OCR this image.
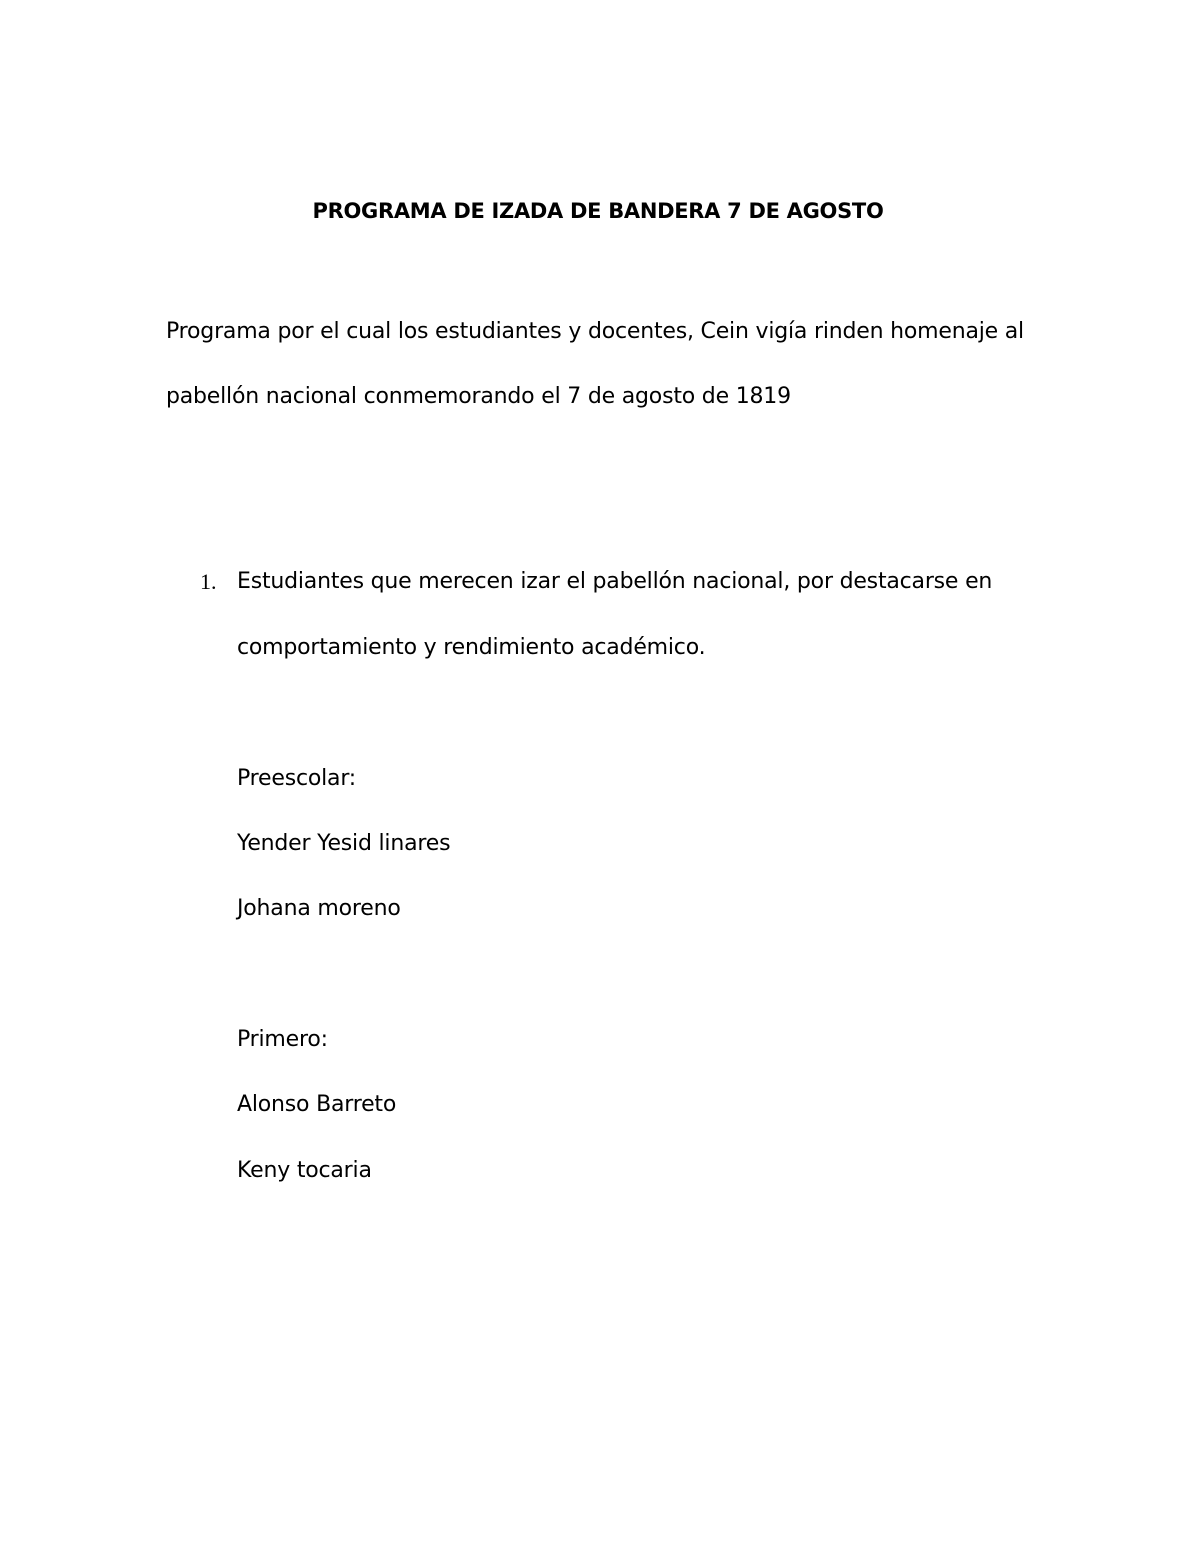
PROGRAMA DE IZADA DE BANDERA 7 DE AGOSTO
Programa por el cual los estudiantes y docentes, Cein vigía rinden homenaje al
pabellón nacional conmemorando el 7 de agosto de 1819
1. Estudiantes que merecen izar el pabellón nacional, por destacarse en
comportamiento y rendimiento académico.
Preescolar:
Yender Yesid linares
Johana moreno
Primero:
Alonso Barreto
Keny tocaria
